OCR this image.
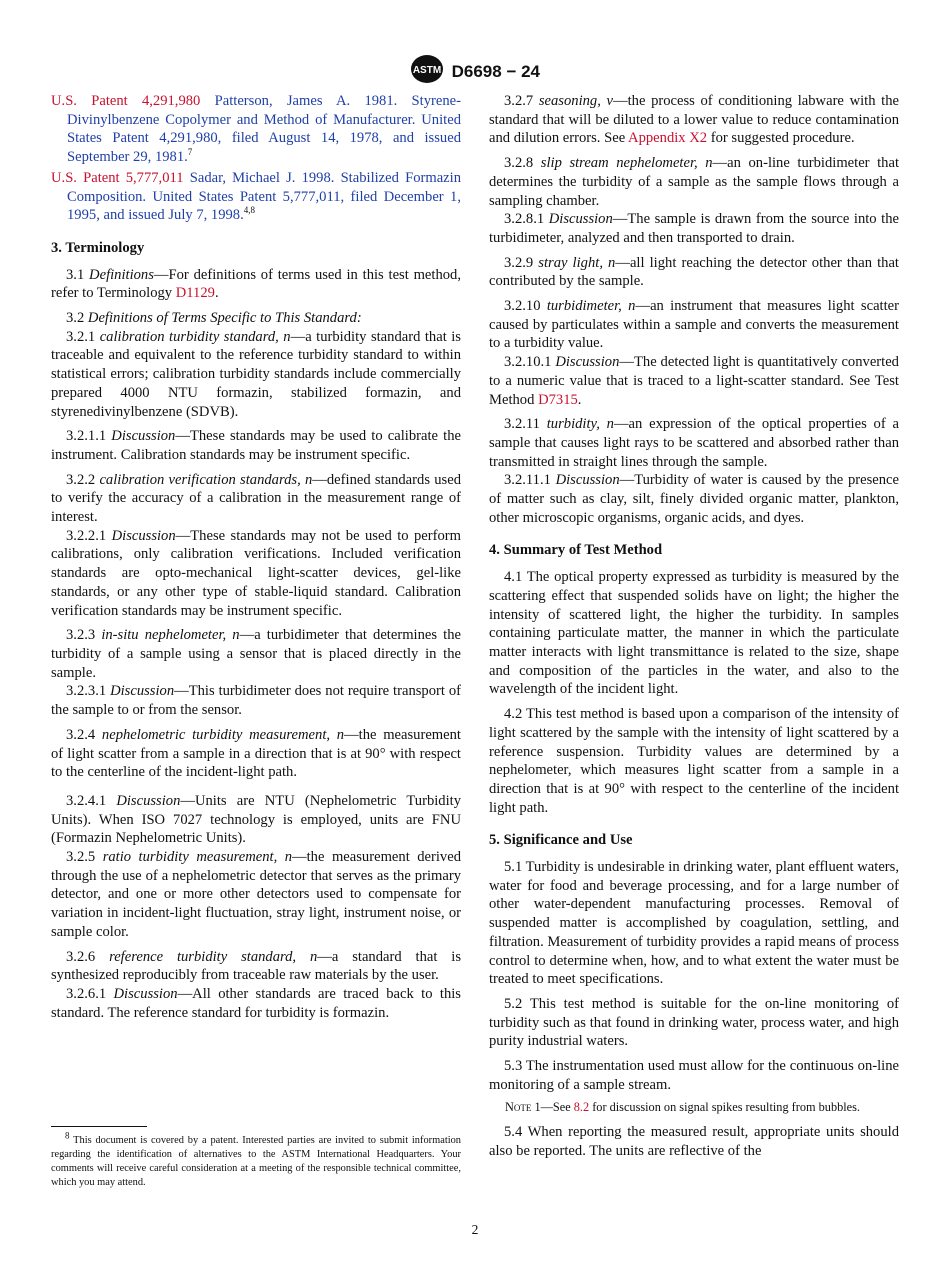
ASTM D6698 − 24

U.S. Patent 4,291,980 Patterson, James A. 1981. Styrene-Divinylbenzene Copolymer and Method of Manufacturer. United States Patent 4,291,980, filed August 14, 1978, and issued September 29, 1981.$^7$

U.S. Patent 5,777,011 Sadar, Michael J. 1998. Stabilized Formazin Composition. United States Patent 5,777,011, filed December 1, 1995, and issued July 7, 1998.$^{4,8}$

3. Terminology

3.1 Definitions—For definitions of terms used in this test method, refer to Terminology D1129.

3.2 Definitions of Terms Specific to This Standard:

3.2.1 calibration turbidity standard, n—a turbidity standard that is traceable and equivalent to the reference turbidity standard to within statistical errors; calibration turbidity standards include commercially prepared 4000 NTU formazin, stabilized formazin, and styrenedivinylbenzene (SDVB).

3.2.1.1 Discussion—These standards may be used to calibrate the instrument. Calibration standards may be instrument specific.

3.2.2 calibration verification standards, n—defined standards used to verify the accuracy of a calibration in the measurement range of interest.

3.2.2.1 Discussion—These standards may not be used to perform calibrations, only calibration verifications. Included verification standards are opto-mechanical light-scatter devices, gel-like standards, or any other type of stable-liquid standard. Calibration verification standards may be instrument specific.

3.2.3 in-situ nephelometer, n—a turbidimeter that determines the turbidity of a sample using a sensor that is placed directly in the sample.

3.2.3.1 Discussion—This turbidimeter does not require transport of the sample to or from the sensor.

3.2.4 nephelometric turbidity measurement, n—the measurement of light scatter from a sample in a direction that is at 90° with respect to the centerline of the incident-light path.

3.2.4.1 Discussion—Units are NTU (Nephelometric Turbidity Units). When ISO 7027 technology is employed, units are FNU (Formazin Nephelometric Units).

3.2.5 ratio turbidity measurement, n—the measurement derived through the use of a nephelometric detector that serves as the primary detector, and one or more other detectors used to compensate for variation in incident-light fluctuation, stray light, instrument noise, or sample color.

3.2.6 reference turbidity standard, n—a standard that is synthesized reproducibly from traceable raw materials by the user.

3.2.6.1 Discussion—All other standards are traced back to this standard. The reference standard for turbidity is formazin.

3.2.7 seasoning, v—the process of conditioning labware with the standard that will be diluted to a lower value to reduce contamination and dilution errors. See Appendix X2 for suggested procedure.

3.2.8 slip stream nephelometer, n—an on-line turbidimeter that determines the turbidity of a sample as the sample flows through a sampling chamber.

3.2.8.1 Discussion—The sample is drawn from the source into the turbidimeter, analyzed and then transported to drain.

3.2.9 stray light, n—all light reaching the detector other than that contributed by the sample.

3.2.10 turbidimeter, n—an instrument that measures light scatter caused by particulates within a sample and converts the measurement to a turbidity value.

3.2.10.1 Discussion—The detected light is quantitatively converted to a numeric value that is traced to a light-scatter standard. See Test Method D7315.

3.2.11 turbidity, n—an expression of the optical properties of a sample that causes light rays to be scattered and absorbed rather than transmitted in straight lines through the sample.

3.2.11.1 Discussion—Turbidity of water is caused by the presence of matter such as clay, silt, finely divided organic matter, plankton, other microscopic organisms, organic acids, and dyes.

4. Summary of Test Method

4.1 The optical property expressed as turbidity is measured by the scattering effect that suspended solids have on light; the higher the intensity of scattered light, the higher the turbidity. In samples containing particulate matter, the manner in which the particulate matter interacts with light transmittance is related to the size, shape and composition of the particles in the water, and also to the wavelength of the incident light.

4.2 This test method is based upon a comparison of the intensity of light scattered by the sample with the intensity of light scattered by a reference suspension. Turbidity values are determined by a nephelometer, which measures light scatter from a sample in a direction that is at 90° with respect to the centerline of the incident light path.

5. Significance and Use

5.1 Turbidity is undesirable in drinking water, plant effluent waters, water for food and beverage processing, and for a large number of other water-dependent manufacturing processes. Removal of suspended matter is accomplished by coagulation, settling, and filtration. Measurement of turbidity provides a rapid means of process control to determine when, how, and to what extent the water must be treated to meet specifications.

5.2 This test method is suitable for the on-line monitoring of turbidity such as that found in drinking water, process water, and high purity industrial waters.

5.3 The instrumentation used must allow for the continuous on-line monitoring of a sample stream.

Note 1—See 8.2 for discussion on signal spikes resulting from bubbles.

5.4 When reporting the measured result, appropriate units should also be reported. The units are reflective of the

$^8$ This document is covered by a patent. Interested parties are invited to submit information regarding the identification of alternatives to the ASTM International Headquarters. Your comments will receive careful consideration at a meeting of the responsible technical committee, which you may attend.
2
